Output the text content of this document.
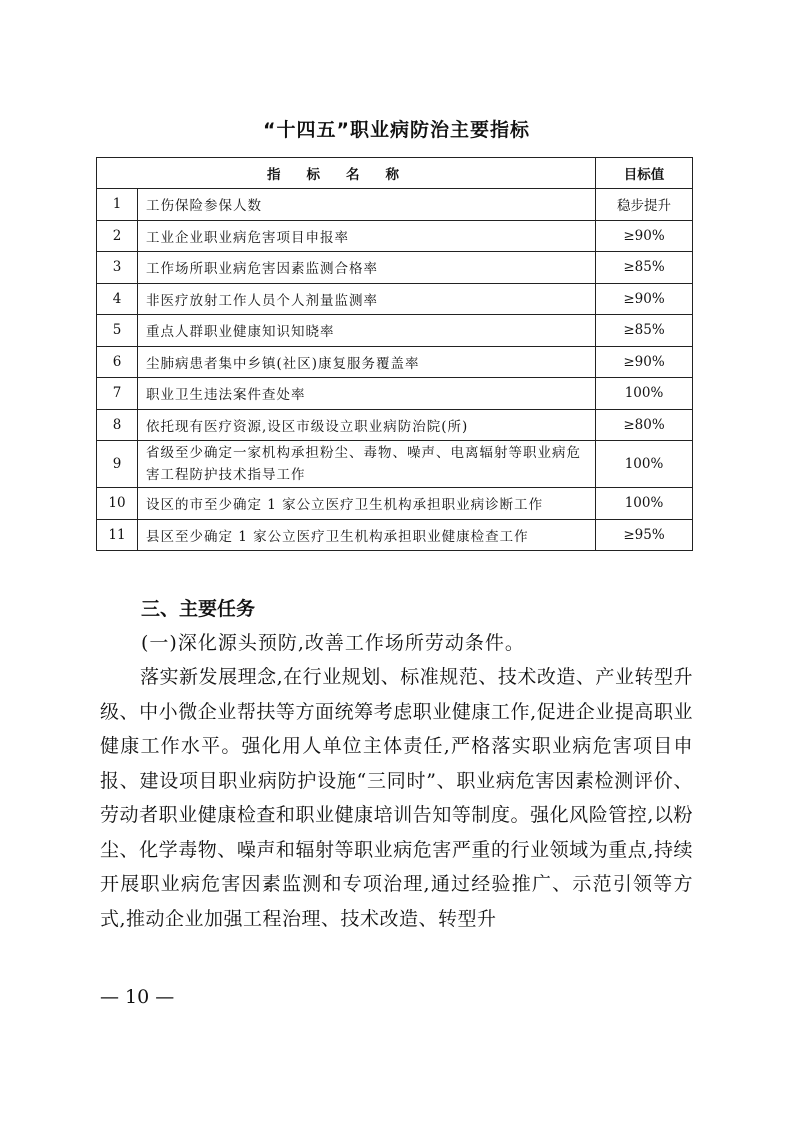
“十四五”职业病防治主要指标
指标名称		目标值
1	工伤保险参保人数	稳步提升
2	工业企业职业病危害项目申报率	≥90%
3	工作场所职业病危害因素监测合格率	≥85%
4	非医疗放射工作人员个人剂量监测率	≥90%
5	重点人群职业健康知识知晓率	≥85%
6	尘肺病患者集中乡镇(社区)康复服务覆盖率	≥90%
7	职业卫生违法案件查处率	100%
8	依托现有医疗资源,设区市级设立职业病防治院(所)	≥80%
9	省级至少确定一家机构承担粉尘、毒物、噪声、电离辐射等职业病危害工程防护技术指导工作	100%
10	设区的市至少确定 1 家公立医疗卫生机构承担职业病诊断工作	100%
11	县区至少确定 1 家公立医疗卫生机构承担职业健康检查工作	≥95%
三、主要任务
(一)深化源头预防,改善工作场所劳动条件。

落实新发展理念,在行业规划、标准规范、技术改造、产业转型升级、中小微企业帮扶等方面统筹考虑职业健康工作,促进企业提高职业健康工作水平。强化用人单位主体责任,严格落实职业病危害项目申报、建设项目职业病防护设施“三同时”、职业病危害因素检测评价、劳动者职业健康检查和职业健康培训告知等制度。强化风险管控,以粉尘、化学毒物、噪声和辐射等职业病危害严重的行业领域为重点,持续开展职业病危害因素监测和专项治理,通过经验推广、示范引领等方式,推动企业加强工程治理、技术改造、转型升

— 10 —
